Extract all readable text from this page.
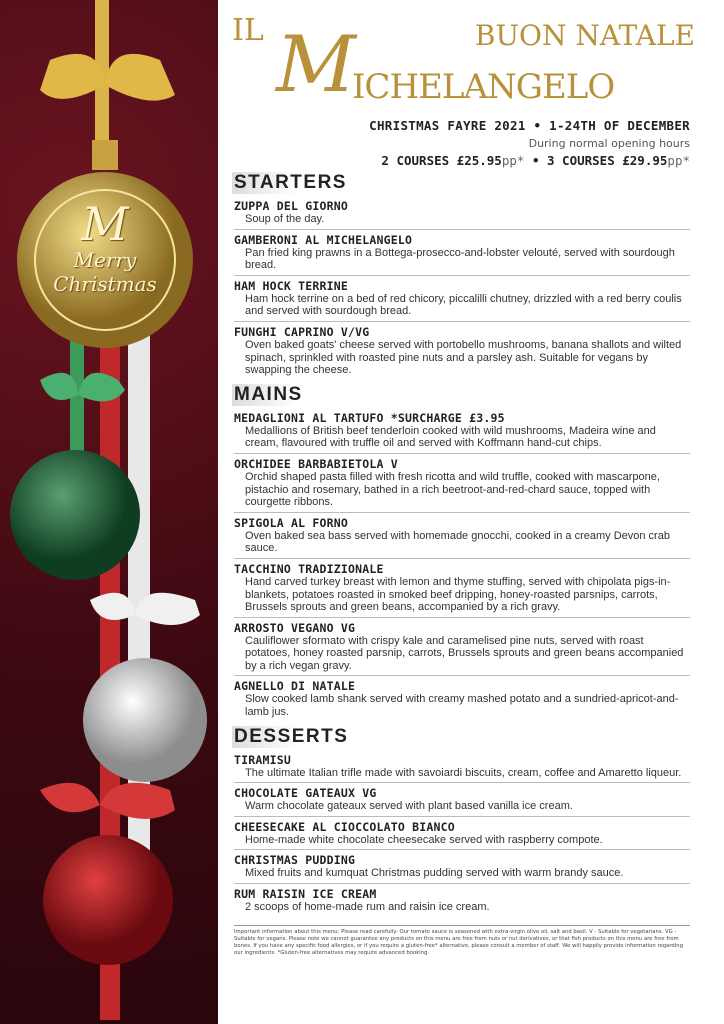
M
Merry Christmas
IL M
ICHELANGELO
BUON NATALE
CHRISTMAS FAYRE 2021 • 1-24TH OF DECEMBER
During normal opening hours
2 COURSES £25.95pp* • 3 COURSES £29.95pp*
STARTERS
ZUPPA DEL GIORNO
Soup of the day.
GAMBERONI AL MICHELANGELO
Pan fried king prawns in a Bottega-prosecco-and-lobster velouté, served with sourdough bread.
HAM HOCK TERRINE
Ham hock terrine on a bed of red chicory, piccalilli chutney, drizzled with a red berry coulis and served with sourdough bread.
FUNGHI CAPRINO V/VG
Oven baked goats' cheese served with portobello mushrooms, banana shallots and wilted spinach, sprinkled with roasted pine nuts and a parsley ash. Suitable for vegans by swapping the cheese.
MAINS
MEDAGLIONI AL TARTUFO *SURCHARGE £3.95
Medallions of British beef tenderloin cooked with wild mushrooms, Madeira wine and cream, flavoured with truffle oil and served with Koffmann hand-cut chips.
ORCHIDEE BARBABIETOLA V
Orchid shaped pasta filled with fresh ricotta and wild truffle, cooked with mascarpone, pistachio and rosemary, bathed in a rich beetroot-and-red-chard sauce, topped with courgette ribbons.
SPIGOLA AL FORNO
Oven baked sea bass served with homemade gnocchi, cooked in a creamy Devon crab sauce.
TACCHINO TRADIZIONALE
Hand carved turkey breast with lemon and thyme stuffing, served with chipolata pigs-in-blankets, potatoes roasted in smoked beef dripping, honey-roasted parsnips, carrots, Brussels sprouts and green beans, accompanied by a rich gravy.
ARROSTO VEGANO VG
Cauliflower sformato with crispy kale and caramelised pine nuts, served with roast potatoes, honey roasted parsnip, carrots, Brussels sprouts and green beans accompanied by a rich vegan gravy.
AGNELLO DI NATALE
Slow cooked lamb shank served with creamy mashed potato and a sundried-apricot-and-lamb jus.
DESSERTS
TIRAMISU
The ultimate Italian trifle made with savoiardi biscuits, cream, coffee and Amaretto liqueur.
CHOCOLATE GATEAUX VG
Warm chocolate gateaux served with plant based vanilla ice cream.
CHEESECAKE AL CIOCCOLATO BIANCO
Home-made white chocolate cheesecake served with raspberry compote.
CHRISTMAS PUDDING
Mixed fruits and kumquat Christmas pudding served with warm brandy sauce.
RUM RAISIN ICE CREAM
2 scoops of home-made rum and raisin ice cream.
Important information about this menu: Please read carefully: Our tomato sauce is seasoned with extra-virgin olive oil, salt and basil. V - Suitable for vegetarians. VG - Suitable for vegans. Please note we cannot guarantee any products on this menu are free from nuts or nut derivatives, or that fish products on this menu are free from bones. If you have any specific food allergies, or if you require a gluten-free* alternative, please consult a member of staff. We will happily provide information regarding our ingredients. *Gluten-free alternatives may require advanced booking.
